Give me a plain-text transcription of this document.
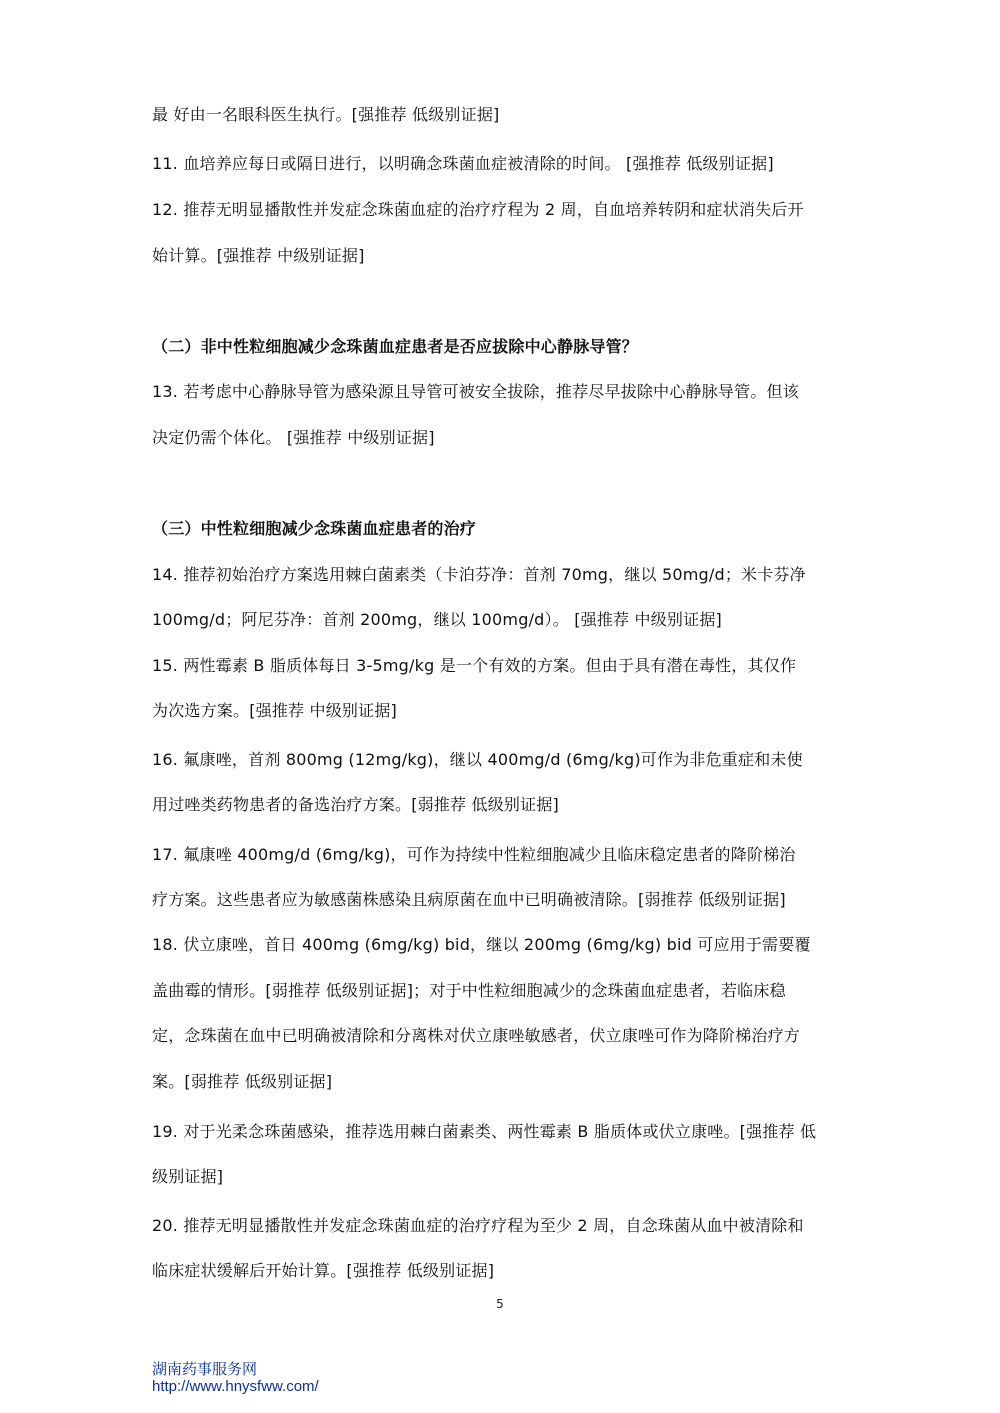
最 好由一名眼科医生执行。[强推荐 低级别证据]
11. 血培养应每日或隔日进行，以明确念珠菌血症被清除的时间。 [强推荐 低级别证据]
12. 推荐无明显播散性并发症念珠菌血症的治疗疗程为 2 周，自血培养转阴和症状消失后开
始计算。[强推荐 中级别证据]
（二）非中性粒细胞减少念珠菌血症患者是否应拔除中心静脉导管？
13. 若考虑中心静脉导管为感染源且导管可被安全拔除，推荐尽早拔除中心静脉导管。但该
决定仍需个体化。 [强推荐 中级别证据]
（三）中性粒细胞减少念珠菌血症患者的治疗
14. 推荐初始治疗方案选用棘白菌素类（卡泊芬净：首剂 70mg，继以 50mg/d；米卡芬净
100mg/d；阿尼芬净：首剂 200mg，继以 100mg/d）。 [强推荐 中级别证据]
15. 两性霉素 B 脂质体每日 3-5mg/kg 是一个有效的方案。但由于具有潜在毒性，其仅作
为次选方案。[强推荐 中级别证据]
16. 氟康唑，首剂 800mg (12mg/kg)，继以 400mg/d (6mg/kg)可作为非危重症和未使
用过唑类药物患者的备选治疗方案。[弱推荐 低级别证据]
17. 氟康唑 400mg/d (6mg/kg)，可作为持续中性粒细胞减少且临床稳定患者的降阶梯治
疗方案。这些患者应为敏感菌株感染且病原菌在血中已明确被清除。[弱推荐 低级别证据]
18. 伏立康唑，首日 400mg (6mg/kg) bid，继以 200mg (6mg/kg) bid 可应用于需要覆
盖曲霉的情形。[弱推荐 低级别证据]；对于中性粒细胞减少的念珠菌血症患者，若临床稳
定，念珠菌在血中已明确被清除和分离株对伏立康唑敏感者，伏立康唑可作为降阶梯治疗方
案。[弱推荐 低级别证据]
19. 对于光柔念珠菌感染，推荐选用棘白菌素类、两性霉素 B 脂质体或伏立康唑。[强推荐 低
级别证据]
20. 推荐无明显播散性并发症念珠菌血症的治疗疗程为至少 2 周，自念珠菌从血中被清除和
临床症状缓解后开始计算。[强推荐 低级别证据]
5
湖南药事服务网
http://www.hnysfww.com/
